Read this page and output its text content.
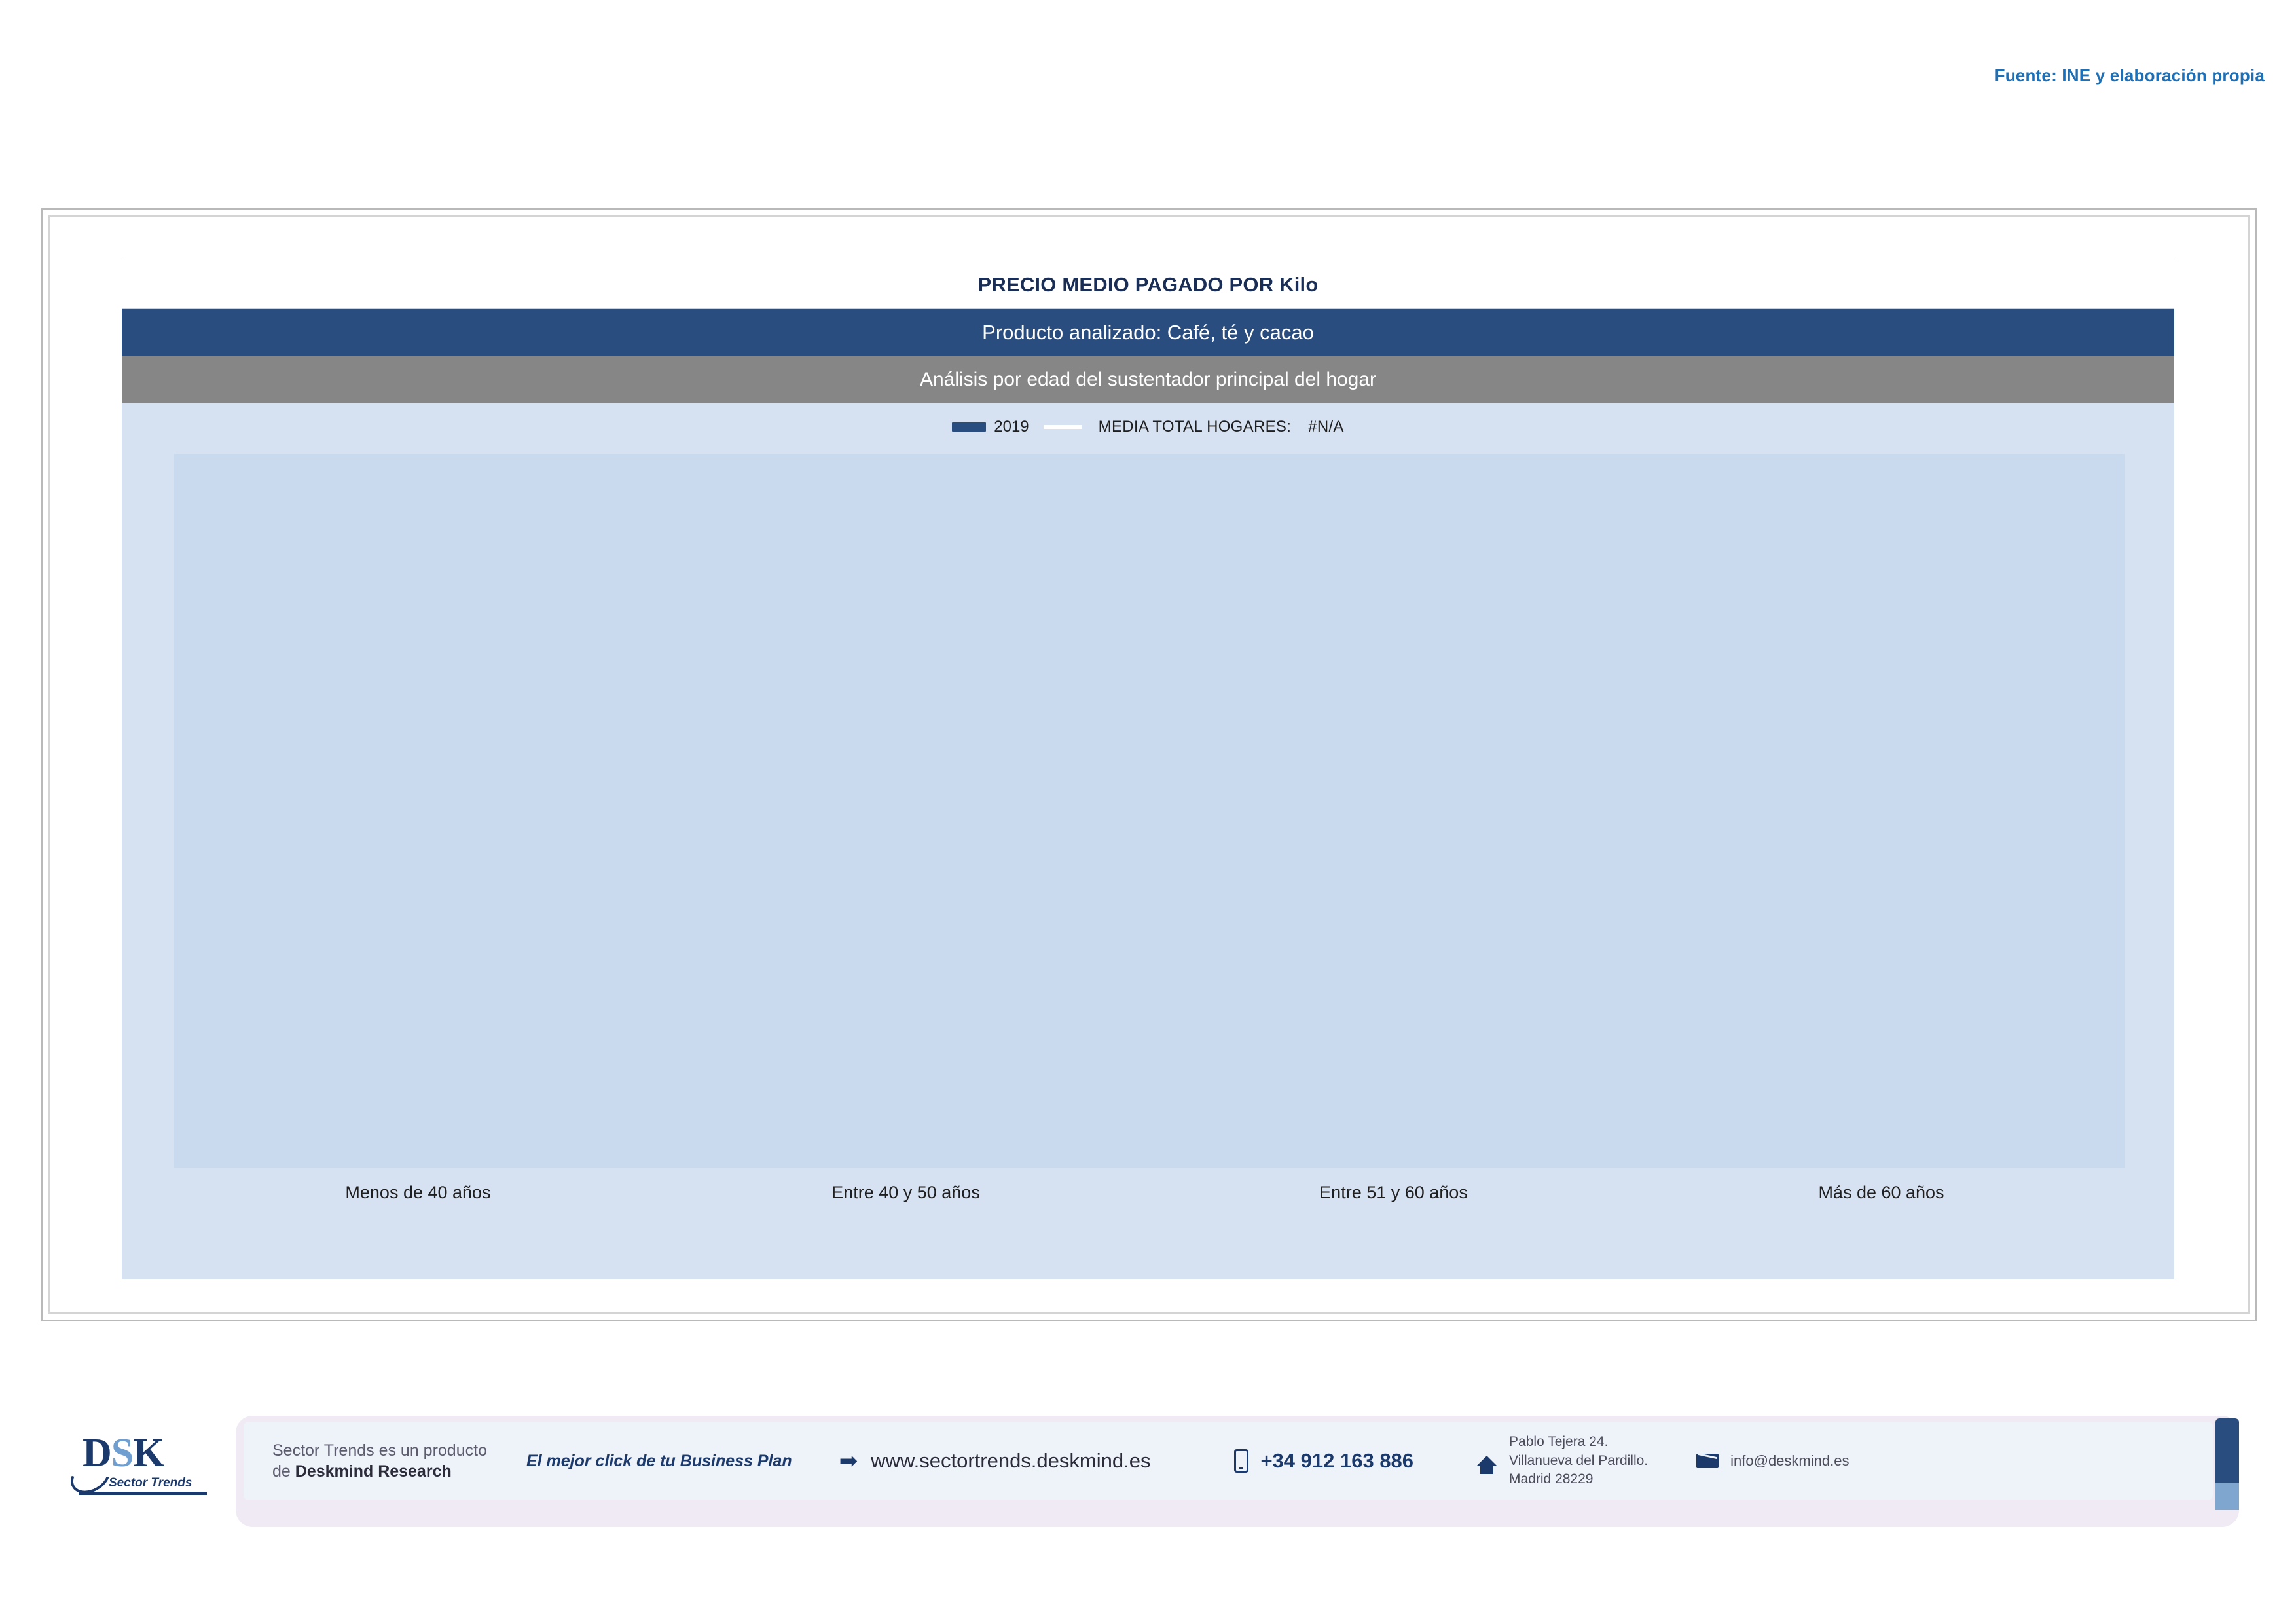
Fuente: INE y elaboración propia
PRECIO MEDIO PAGADO POR Kilo
Producto analizado: Café, té y cacao
Análisis por edad del sustentador principal del hogar
2019	MEDIA TOTAL HOGARES: #N/A
Menos de 40 años	Entre 40 y 50 años	Entre 51 y 60 años	Más de 60 años
DSK
Sector Trends
Sector Trends es un producto
de Deskmind Research
El mejor click de tu Business Plan ➡ www.sectortrends.deskmind.es	+34 912 163 886
Pablo Tejera 24.
Villanueva del Pardillo.
Madrid 28229
info@deskmind.es
